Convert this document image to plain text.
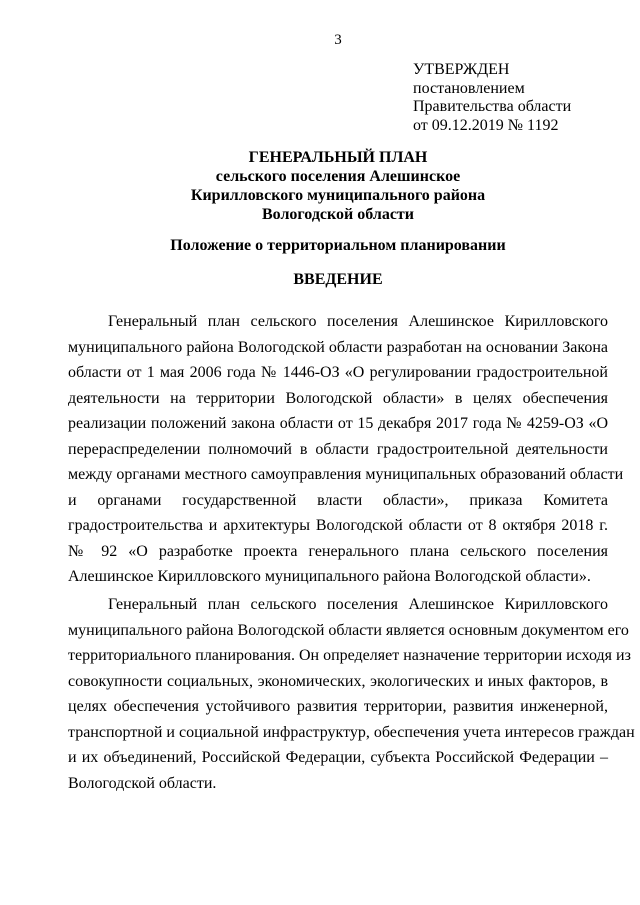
3
УТВЕРЖДЕН
постановлением
Правительства области
от 09.12.2019 № 1192
ГЕНЕРАЛЬНЫЙ ПЛАН
сельского поселения Алешинское
Кирилловского муниципального района
Вологодской области
Положение о территориальном планировании
ВВЕДЕНИЕ
Генеральный план сельского поселения Алешинское Кирилловского
муниципального района Вологодской области разработан на основании Закона
области от 1 мая 2006 года № 1446-ОЗ «О регулировании градостроительной
деятельности на территории Вологодской области» в целях обеспечения
реализации положений закона области от 15 декабря 2017 года № 4259-ОЗ «О
перераспределении полномочий в области градостроительной деятельности
между органами местного самоуправления муниципальных образований области
и органами государственной власти области», приказа Комитета
градостроительства и архитектуры Вологодской области от 8 октября 2018 г.
№ 92 «О разработке проекта генерального плана сельского поселения
Алешинское Кирилловского муниципального района Вологодской области».
Генеральный план сельского поселения Алешинское Кирилловского
муниципального района Вологодской области является основным документом его
территориального планирования. Он определяет назначение территории исходя из
совокупности социальных, экономических, экологических и иных факторов, в
целях обеспечения устойчивого развития территории, развития инженерной,
транспортной и социальной инфраструктур, обеспечения учета интересов граждан
и их объединений, Российской Федерации, субъекта Российской Федерации –
Вологодской области.
